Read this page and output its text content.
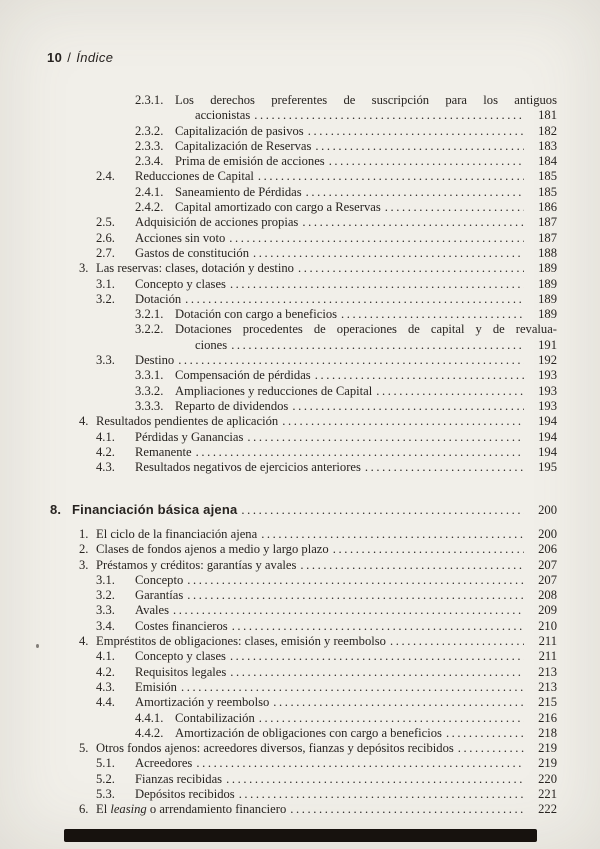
10 / Índice
2.3.1. Los derechos preferentes de suscripción para los antiguos
accionistas .....	181
2.3.2. Capitalización de pasivos .....	182
2.3.3. Capitalización de Reservas .....	183
2.3.4. Prima de emisión de acciones .....	184
2.4.	Reducciones de Capital .....	185
2.4.1. Saneamiento de Pérdidas .....	185
2.4.2. Capital amortizado con cargo a Reservas .....	186
2.5.	Adquisición de acciones propias .....	187
2.6.	Acciones sin voto .....	187
2.7.	Gastos de constitución .....	188
3. Las reservas: clases, dotación y destino .....	189
3.1.	Concepto y clases .....	189
3.2.	Dotación .....	189
3.2.1. Dotación con cargo a beneficios .....	189
3.2.2. Dotaciones procedentes de operaciones de capital y de revalua-
ciones .....	191
3.3.	Destino .....	192
3.3.1. Compensación de pérdidas .....	193
3.3.2. Ampliaciones y reducciones de Capital .....	193
3.3.3. Reparto de dividendos .....	193
4. Resultados pendientes de aplicación .....	194
4.1.	Pérdidas y Ganancias .....	194
4.2.	Remanente .....	194
4.3.	Resultados negativos de ejercicios anteriores .....	195
8. Financiación básica ajena .....	200
1. El ciclo de la financiación ajena .....	200
2. Clases de fondos ajenos a medio y largo plazo .....	206
3. Préstamos y créditos: garantías y avales .....	207
3.1.	Concepto .....	207
3.2.	Garantías .....	208
3.3.	Avales .....	209
3.4.	Costes financieros .....	210
4. Empréstitos de obligaciones: clases, emisión y reembolso .....	211
4.1.	Concepto y clases .....	211
4.2.	Requisitos legales .....	213
4.3.	Emisión .....	213
4.4.	Amortización y reembolso .....	215
4.4.1. Contabilización .....	216
4.4.2. Amortización de obligaciones con cargo a beneficios .....	218
5. Otros fondos ajenos: acreedores diversos, fianzas y depósitos recibidos .....	219
5.1.	Acreedores .....	219
5.2.	Fianzas recibidas .....	220
5.3.	Depósitos recibidos .....	221
6. El leasing o arrendamiento financiero .....	222
